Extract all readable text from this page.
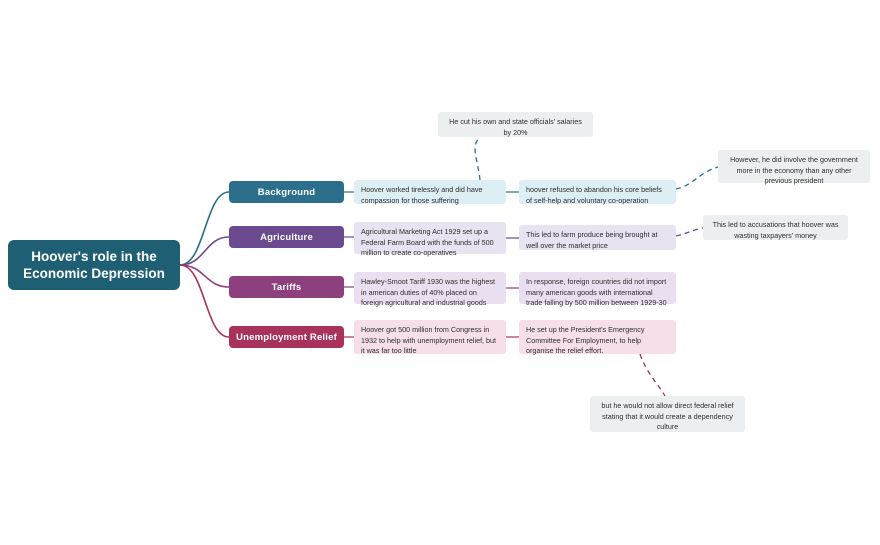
Hoover's role in the Economic Depression
Background	Hoover worked tirelessly and did have compassion for those suffering
hoover refused to abandon his core beliefs of self-help and voluntary co-operation
However, he did involve the government more in the economy than any other previous president
He cut his own and state officials' salaries by 20%
Agriculture	Agricultural Marketing Act 1929 set up a Federal Farm Board with the funds of 500 million to create co-operatives
This led to farm produce being brought at well over the market price
This led to accusations that hoover was wasting taxpayers' money
Tariffs	Hawley-Smoot Tariff 1930 was the highest in american duties of 40% placed on foreign agricultural and industrial goods
In response, foreign countries did not import many american goods with international trade falling by 500 million between 1929-30
Unemployment Relief
Hoover got 500 million from Congress in 1932 to help with unemployment relief, but it was far too little
He set up the President's Emergency Committee For Employment, to help organise the relief effort.
but he would not allow direct federal relief stating that it would create a dependency culture
